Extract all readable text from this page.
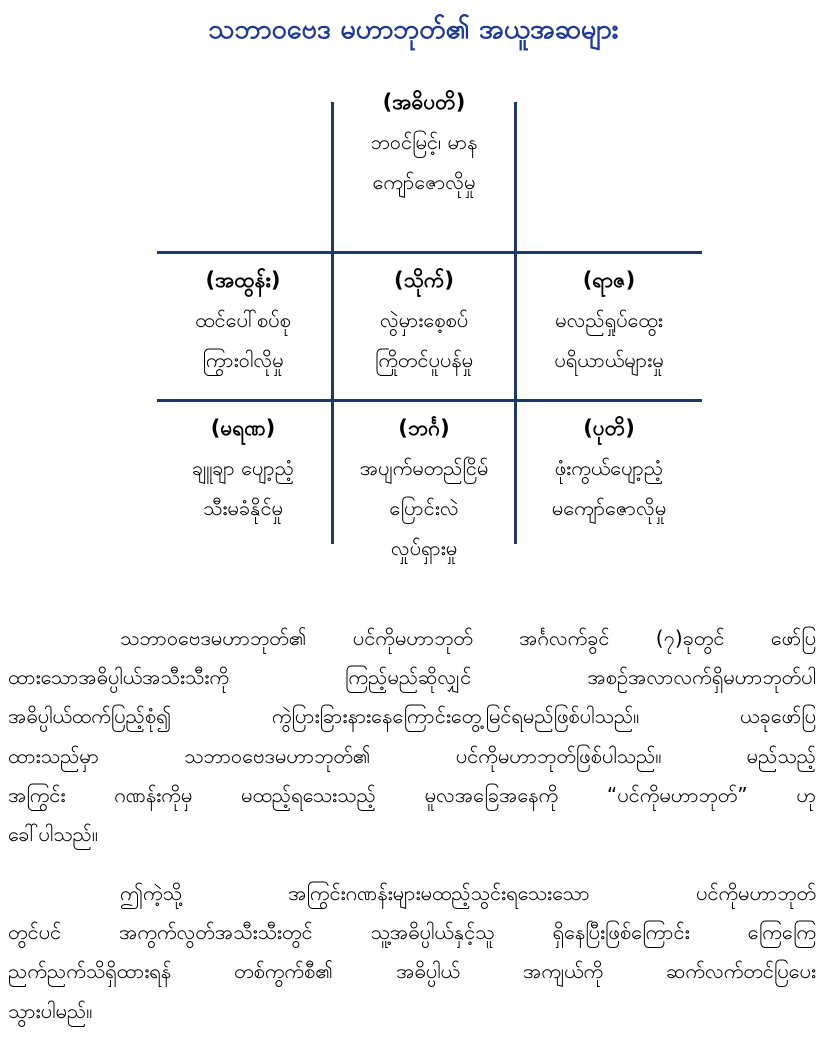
သဘာဝဗေဒ မဟာဘုတ်၏ အယူအဆများ
(အဓိပတိ)
ဘဝင်မြင့်၊ မာန
ကျော်ဇောလိုမှု
(အထွန်း)
ထင်ပေါ်စပ်စု
ကြွားဝါလိုမှု
(သိုက်)
လွဲမှားစေ့စပ်
ကြိုတင်ပူပန်မှု
(ရာဇ)
မလည်ရှုပ်ထွေး
ပရိယာယ်များမှု
(မရဏ)
ချူချာ ပျော့ညံ့
သီးမခံနိုင်မှု
(ဘင်္ဂ)
အပျက်မတည်ငြိမ်
ပြောင်းလဲ
လှုပ်ရှားမှု
(ပုတိ)
ဖုံးကွယ်ပျော့ညံ့
မကျော်ဇောလိုမှု
သဘာဝဗေဒမဟာဘုတ်၏ ပင်ကိုမဟာဘုတ် အင်္ဂလက်ခွင် (၇)ခုတွင် ဖော်ပြ
ထားသောအဓိပ္ပါယ်အသီးသီးကို ကြည့်မည်ဆိုလျှင် အစဉ်အလာလက်ရှိမဟာဘုတ်ပါ
အဓိပ္ပါယ်ထက်ပြည့်စုံ၍ ကွဲပြားခြားနားနေကြောင်းတွေ့မြင်ရမည်ဖြစ်ပါသည်။ ယခုဖော်ပြ
ထားသည်မှာ သဘာဝဗေဒမဟာဘုတ်၏ ပင်ကိုမဟာဘုတ်ဖြစ်ပါသည်။ မည်သည့်
အကြွင်း ဂဏန်းကိုမှ မထည့်ရသေးသည့် မူလအခြေအနေကို “ပင်ကိုမဟာဘုတ်” ဟု
ခေါ်ပါသည်။
ဤကဲ့သို့ အကြွင်းဂဏန်းများမထည့်သွင်းရသေးသော ပင်ကိုမဟာဘုတ်
တွင်ပင် အကွက်လွတ်အသီးသီးတွင် သူ့အဓိပ္ပါယ်နှင့်သူ ရှိနေပြီးဖြစ်ကြောင်း ကြေကြေ
ညက်ညက်သိရှိထားရန် တစ်ကွက်စီ၏ အဓိပ္ပါယ် အကျယ်ကို ဆက်လက်တင်ပြပေး
သွားပါမည်။
